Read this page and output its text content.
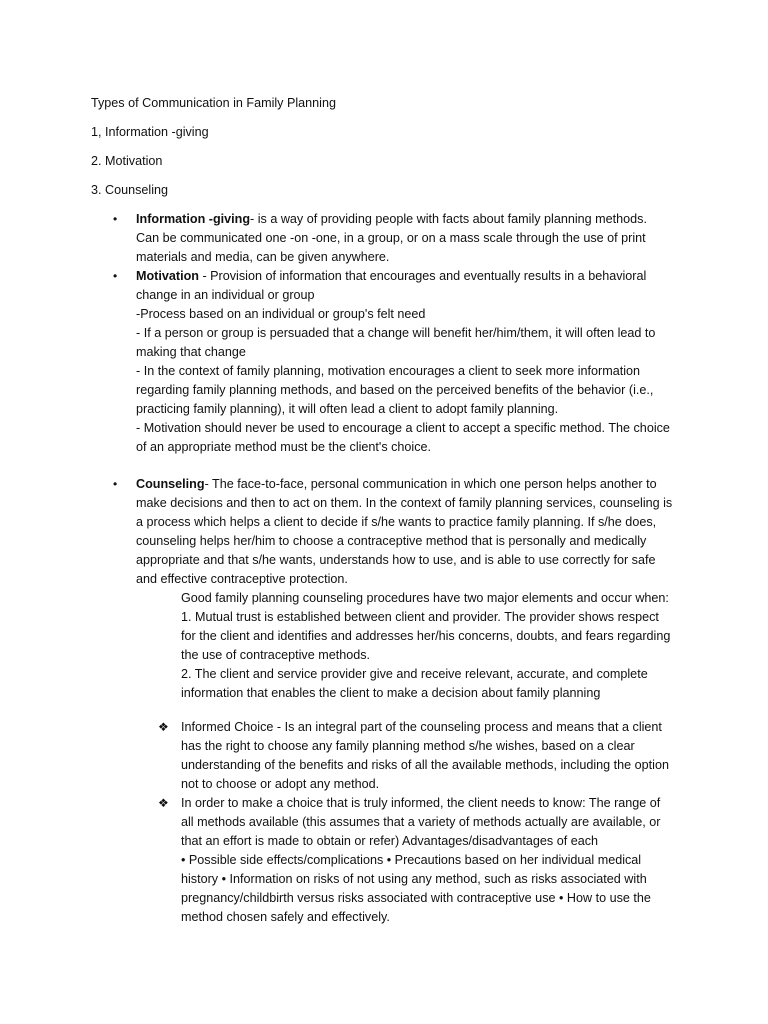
Types of Communication in Family Planning
1, Information -giving
2. Motivation
3. Counseling
• Information -giving- is a way of providing people with facts about family planning methods.

Can be communicated one -on -one, in a group, or on a mass scale through the use of print

materials and media, can be given anywhere.

• Motivation - Provision of information that encourages and eventually results in a behavioral

change in an individual or group

-Process based on an individual or group's felt need

- If a person or group is persuaded that a change will benefit her/him/them, it will often lead to

making that change

- In the context of family planning, motivation encourages a client to seek more information

regarding family planning methods, and based on the perceived benefits of the behavior (i.e.,

practicing family planning), it will often lead a client to adopt family planning.

- Motivation should never be used to encourage a client to accept a specific method. The choice

of an appropriate method must be the client's choice.

• Counseling- The face-to-face, personal communication in which one person helps another to

make decisions and then to act on them. In the context of family planning services, counseling is

a process which helps a client to decide if s/he wants to practice family planning. If s/he does,

counseling helps her/him to choose a contraceptive method that is personally and medically

appropriate and that s/he wants, understands how to use, and is able to use correctly for safe

and effective contraceptive protection.

Good family planning counseling procedures have two major elements and occur when:

1. Mutual trust is established between client and provider. The provider shows respect

for the client and identifies and addresses her/his concerns, doubts, and fears regarding

the use of contraceptive methods.

2. The client and service provider give and receive relevant, accurate, and complete

information that enables the client to make a decision about family planning

❖ Informed Choice - Is an integral part of the counseling process and means that a client

has the right to choose any family planning method s/he wishes, based on a clear

understanding of the benefits and risks of all the available methods, including the option

not to choose or adopt any method.

❖ In order to make a choice that is truly informed, the client needs to know: The range of

all methods available (this assumes that a variety of methods actually are available, or

that an effort is made to obtain or refer) Advantages/disadvantages of each

• Possible side effects/complications • Precautions based on her individual medical

history • Information on risks of not using any method, such as risks associated with

pregnancy/childbirth versus risks associated with contraceptive use • How to use the

method chosen safely and effectively.
